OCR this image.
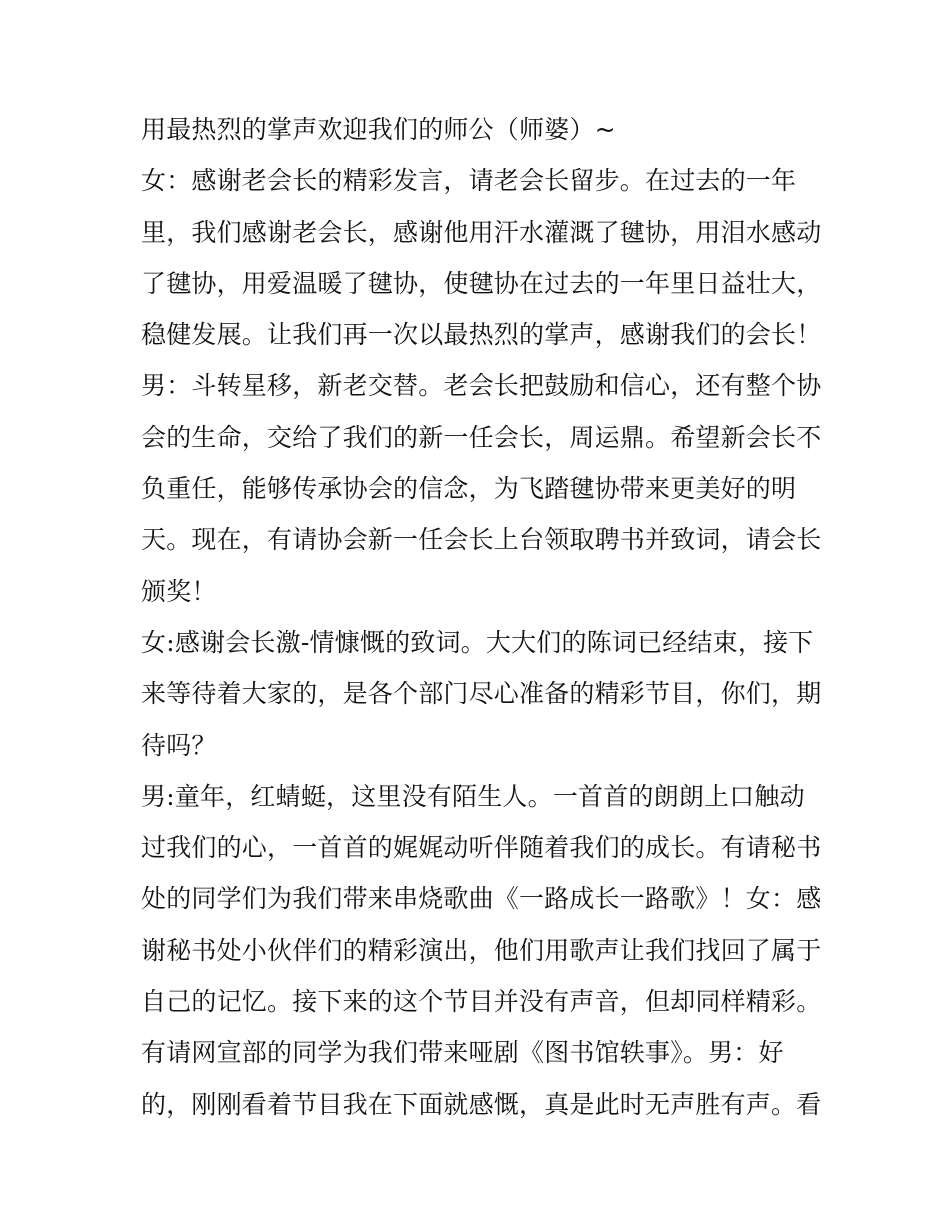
用最热烈的掌声欢迎我们的师公（师婆）~
女：感谢老会长的精彩发言，请老会长留步。在过去的一年
里，我们感谢老会长，感谢他用汗水灌溉了毽协，用泪水感动
了毽协，用爱温暖了毽协，使毽协在过去的一年里日益壮大，
稳健发展。让我们再一次以最热烈的掌声，感谢我们的会长！
男：斗转星移，新老交替。老会长把鼓励和信心，还有整个协
会的生命，交给了我们的新一任会长，周运鼎。希望新会长不
负重任，能够传承协会的信念，为飞踏毽协带来更美好的明
天。现在，有请协会新一任会长上台领取聘书并致词，请会长
颁奖！
女:感谢会长激-情慷慨的致词。大大们的陈词已经结束，接下
来等待着大家的，是各个部门尽心准备的精彩节目，你们，期
待吗？
男:童年，红蜻蜓，这里没有陌生人。一首首的朗朗上口触动
过我们的心，一首首的娓娓动听伴随着我们的成长。有请秘书
处的同学们为我们带来串烧歌曲《一路成长一路歌》！女：感
谢秘书处小伙伴们的精彩演出，他们用歌声让我们找回了属于
自己的记忆。接下来的这个节目并没有声音，但却同样精彩。
有请网宣部的同学为我们带来哑剧《图书馆轶事》。男：好
的，刚刚看着节目我在下面就感慨，真是此时无声胜有声。看
